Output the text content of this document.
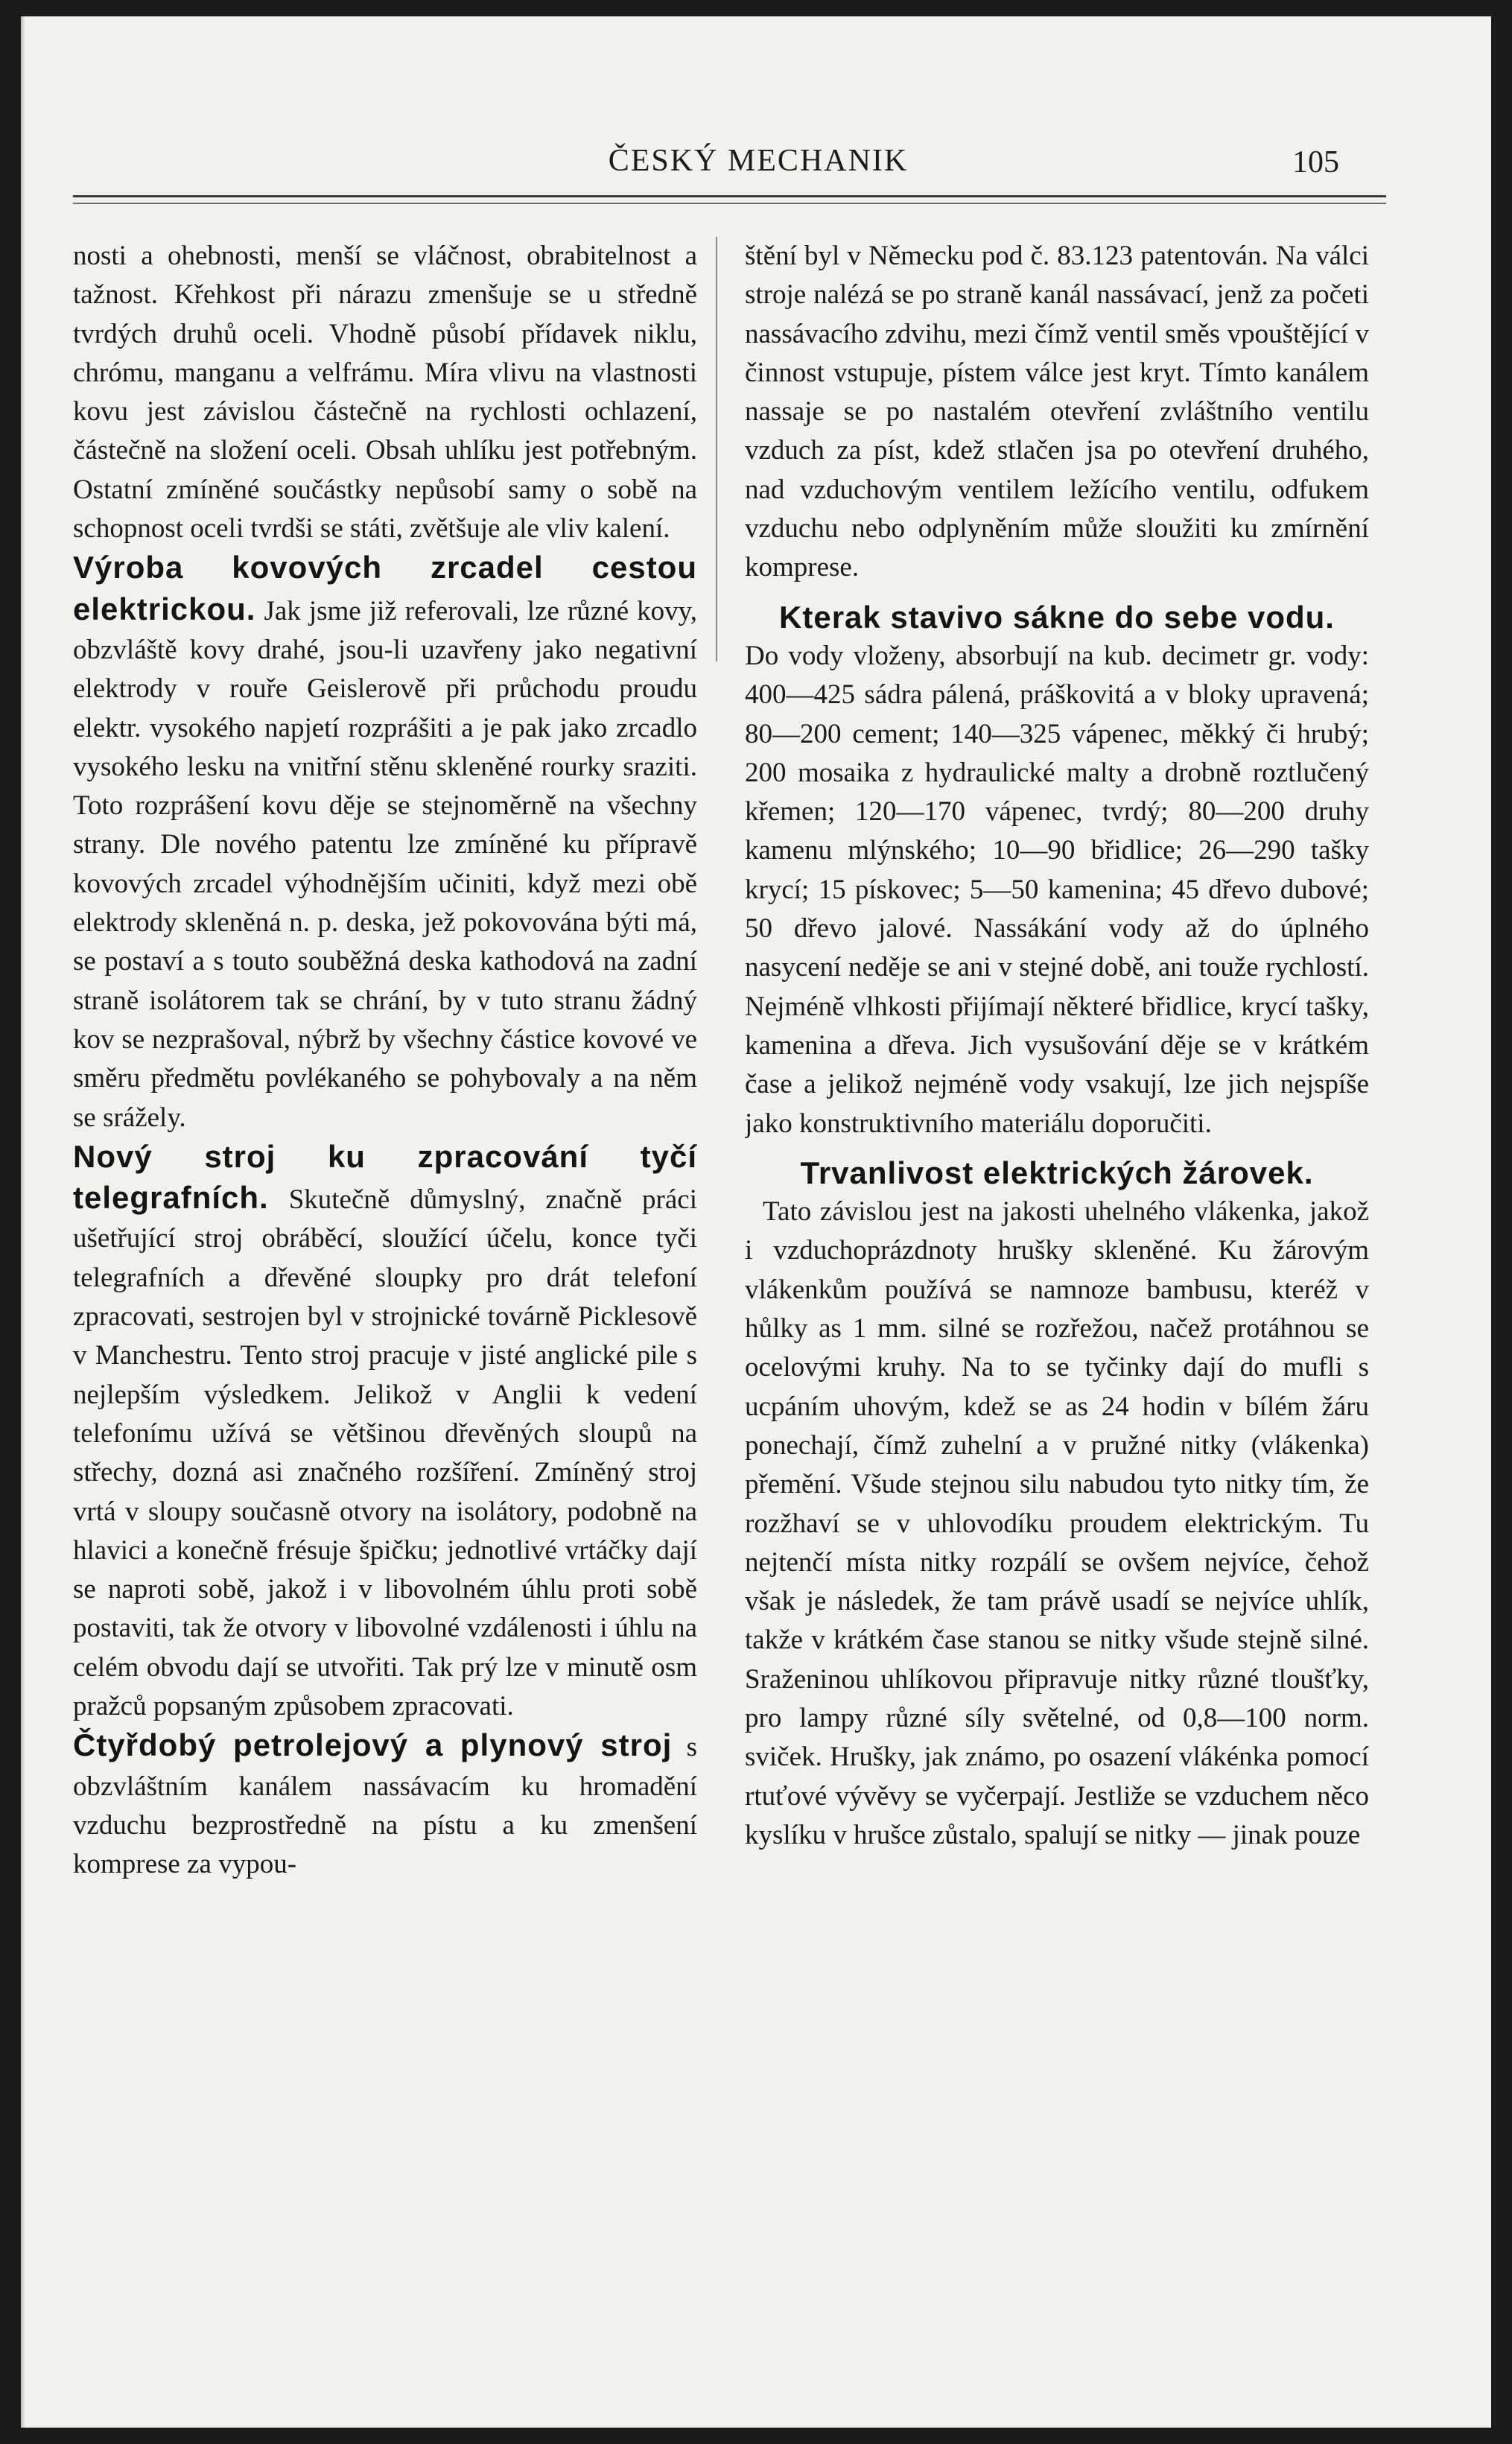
ČESKÝ MECHANIK	105

nosti a ohebnosti, menší se vláčnost, obrabitelnost a tažnost. Křehkost při nárazu zmenšuje se u středně tvrdých druhů oceli. Vhodně působí přídavek niklu, chrómu, manganu a velfrámu. Míra vlivu na vlastnosti kovu jest závislou částečně na rychlosti ochlazení, částečně na složení oceli. Obsah uhlíku jest potřebným. Ostatní zmíněné součástky nepůsobí samy o sobě na schopnost oceli tvrdši se státi, zvětšuje ale vliv kalení.

Výroba kovových zrcadel cestou elektrickou. Jak jsme již referovali, lze různé kovy, obzvláště kovy drahé, jsou-li uzavřeny jako negativní elektrody v rouře Geislerově při průchodu proudu elektr. vysokého napjetí rozprášiti a je pak jako zrcadlo vysokého lesku na vnitřní stěnu skleněné rourky sraziti. Toto rozprášení kovu děje se stejnoměrně na všechny strany. Dle nového patentu lze zmíněné ku přípravě kovových zrcadel výhodnějším učiniti, když mezi obě elektrody skleněná n. p. deska, jež pokovována býti má, se postaví a s touto souběžná deska kathodová na zadní straně isolátorem tak se chrání, by v tuto stranu žádný kov se nezprašoval, nýbrž by všechny částice kovové ve směru předmětu povlékaného se pohybovaly a na něm se srážely.

Nový stroj ku zpracování tyčí telegrafních. Skutečně důmyslný, značně práci ušetřující stroj obráběcí, sloužící účelu, konce tyči telegrafních a dřevěné sloupky pro drát telefoní zpracovati, sestrojen byl v strojnické továrně Picklesově v Manchestru. Tento stroj pracuje v jisté anglické pile s nejlepším výsledkem. Jelikož v Anglii k vedení telefonímu užívá se většinou dřevěných sloupů na střechy, dozná asi značného rozšíření. Zmíněný stroj vrtá v sloupy současně otvory na isolátory, podobně na hlavici a konečně frésuje špičku; jednotlivé vrtáčky dají se naproti sobě, jakož i v libovolném úhlu proti sobě postaviti, tak že otvory v libovolné vzdálenosti i úhlu na celém obvodu dají se utvořiti. Tak prý lze v minutě osm pražců popsaným způsobem zpracovati.

Čtyřdobý petrolejový a plynový stroj s obzvláštním kanálem nassávacím ku hromadění vzduchu bezprostředně na pístu a ku zmenšení komprese za vypou-

štění byl v Německu pod č. 83.123 patentován. Na válci stroje nalézá se po straně kanál nassávací, jenž za početi nassávacího zdvihu, mezi čímž ventil směs vpouštějící v činnost vstupuje, pístem válce jest kryt. Tímto kanálem nassaje se po nastalém otevření zvláštního ventilu vzduch za píst, kdež stlačen jsa po otevření druhého, nad vzduchovým ventilem ležícího ventilu, odfukem vzduchu nebo odplyněním může sloužiti ku zmírnění komprese.

Kterak stavivo sákne do sebe vodu.

Do vody vloženy, absorbují na kub. decimetr gr. vody: 400—425 sádra pálená, práškovitá a v bloky upravená; 80—200 cement; 140—325 vápenec, měkký či hrubý; 200 mosaika z hydraulické malty a drobně roztlučený křemen; 120—170 vápenec, tvrdý; 80—200 druhy kamenu mlýnského; 10—90 břidlice; 26—290 tašky krycí; 15 pískovec; 5—50 kamenina; 45 dřevo dubové; 50 dřevo jalové. Nassákání vody až do úplného nasycení neděje se ani v stejné době, ani touže rychlostí. Nejméně vlhkosti přijímají některé břidlice, krycí tašky, kamenina a dřeva. Jich vysušování děje se v krátkém čase a jelikož nejméně vody vsakují, lze jich nejspíše jako konstruktivního materiálu doporučiti.

Trvanlivost elektrických žárovek.

Tato závislou jest na jakosti uhelného vlákenka, jakož i vzduchoprázdnoty hrušky skleněné. Ku žárovým vlákenkům používá se namnoze bambusu, kteréž v hůlky as 1 mm. silné se rozřežou, načež protáhnou se ocelovými kruhy. Na to se tyčinky dají do mufli s ucpáním uhovým, kdež se as 24 hodin v bílém žáru ponechají, čímž zuhelní a v pružné nitky (vlákenka) přemění. Všude stejnou silu nabudou tyto nitky tím, že rozžhaví se v uhlovodíku proudem elektrickým. Tu nejtenčí místa nitky rozpálí se ovšem nejvíce, čehož však je následek, že tam právě usadí se nejvíce uhlík, takže v krátkém čase stanou se nitky všude stejně silné. Sraženinou uhlíkovou připravuje nitky různé tloušťky, pro lampy různé síly světelné, od 0,8—100 norm. sviček. Hrušky, jak známo, po osazení vlákénka pomocí rtuťové vývěvy se vyčerpají. Jestliže se vzduchem něco kyslíku v hrušce zůstalo, spalují se nitky — jinak pouze
